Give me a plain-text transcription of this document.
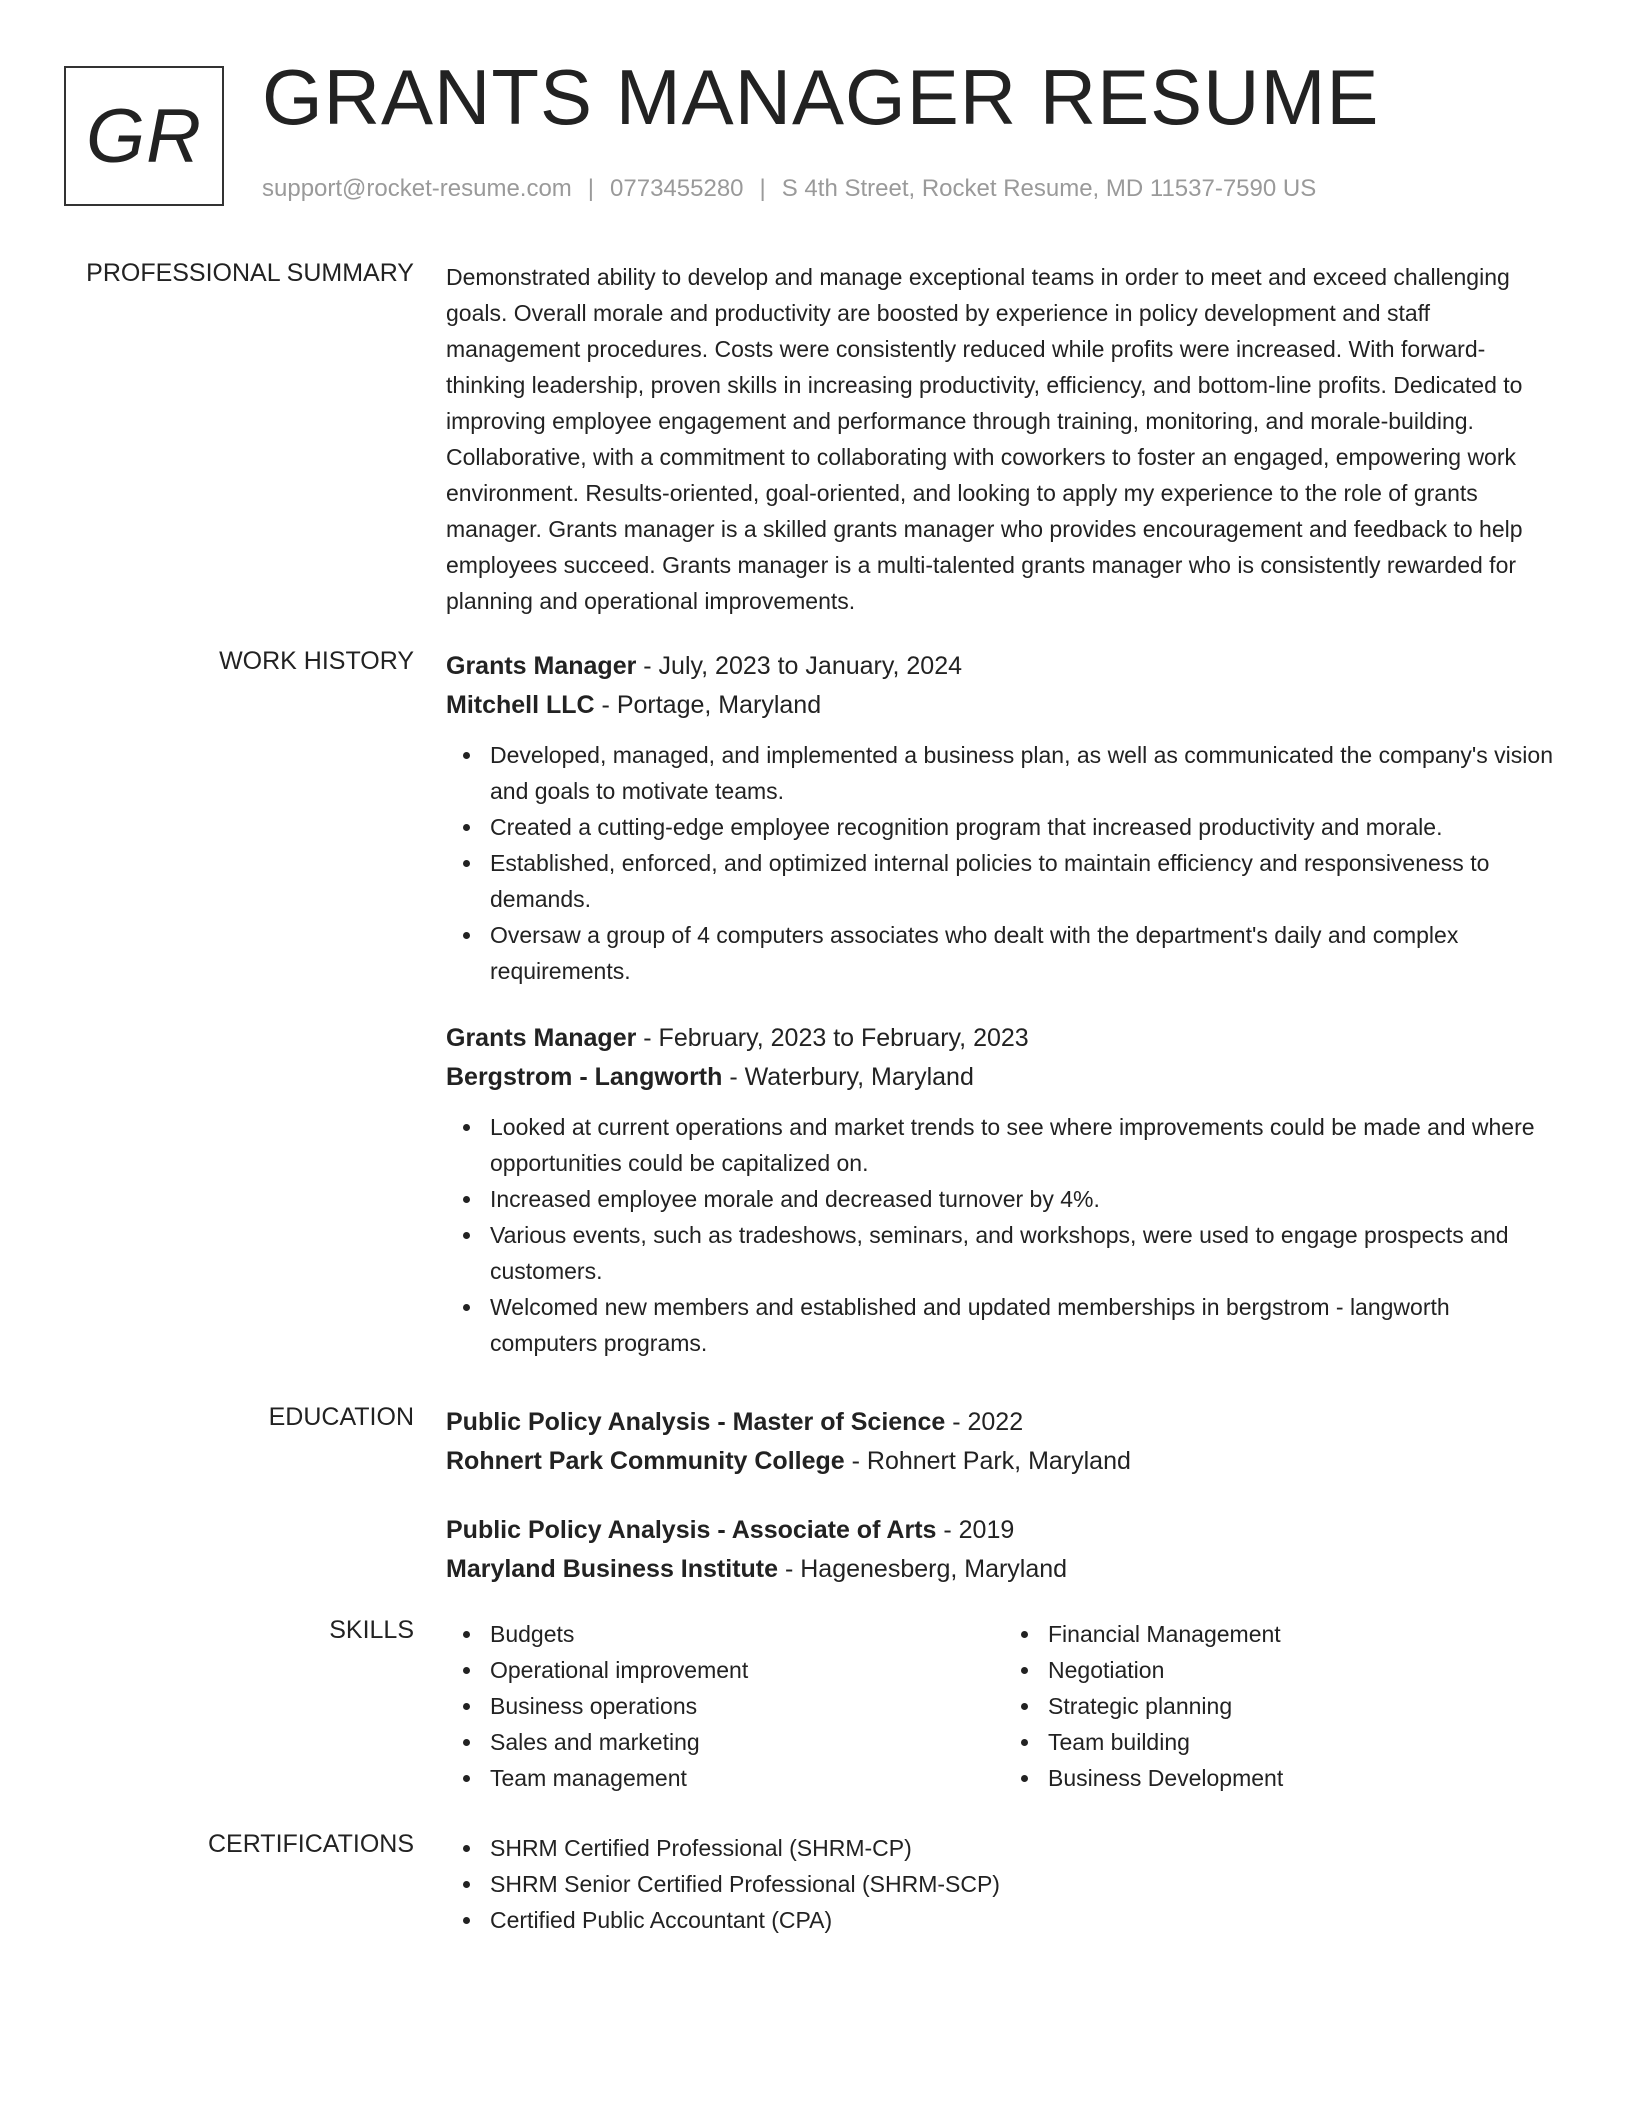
GR GRANTS MANAGER RESUME
support@rocket-resume.com | 0773455280 | S 4th Street, Rocket Resume, MD 11537-7590 US
PROFESSIONAL SUMMARY Demonstrated ability to develop and manage exceptional teams in order to meet and exceed challenging goals. Overall morale and productivity are boosted by experience in policy development and staff management procedures. Costs were consistently reduced while profits were increased. With forward-thinking leadership, proven skills in increasing productivity, efficiency, and bottom-line profits. Dedicated to improving employee engagement and performance through training, monitoring, and morale-building. Collaborative, with a commitment to collaborating with coworkers to foster an engaged, empowering work environment. Results-oriented, goal-oriented, and looking to apply my experience to the role of grants manager. Grants manager is a skilled grants manager who provides encouragement and feedback to help employees succeed. Grants manager is a multi-talented grants manager who is consistently rewarded for planning and operational improvements.
WORK HISTORY Grants Manager - July, 2023 to January, 2024
Mitchell LLC - Portage, Maryland
Developed, managed, and implemented a business plan, as well as communicated the company's vision and goals to motivate teams.
Created a cutting-edge employee recognition program that increased productivity and morale.
Established, enforced, and optimized internal policies to maintain efficiency and responsiveness to demands.
Oversaw a group of 4 computers associates who dealt with the department's daily and complex requirements.
Grants Manager - February, 2023 to February, 2023
Bergstrom - Langworth - Waterbury, Maryland
Looked at current operations and market trends to see where improvements could be made and where opportunities could be capitalized on.
Increased employee morale and decreased turnover by 4%.
Various events, such as tradeshows, seminars, and workshops, were used to engage prospects and customers.
Welcomed new members and established and updated memberships in bergstrom - langworth computers programs.
EDUCATION Public Policy Analysis - Master of Science - 2022
Rohnert Park Community College - Rohnert Park, Maryland
Public Policy Analysis - Associate of Arts - 2019
Maryland Business Institute - Hagenesberg, Maryland
SKILLS	Budgets
Operational improvement
Business operations
Sales and marketing
Team management
Financial Management
Negotiation
Strategic planning
Team building
Business Development
CERTIFICATIONS	SHRM Certified Professional (SHRM-CP)
SHRM Senior Certified Professional (SHRM-SCP)
Certified Public Accountant (CPA)
